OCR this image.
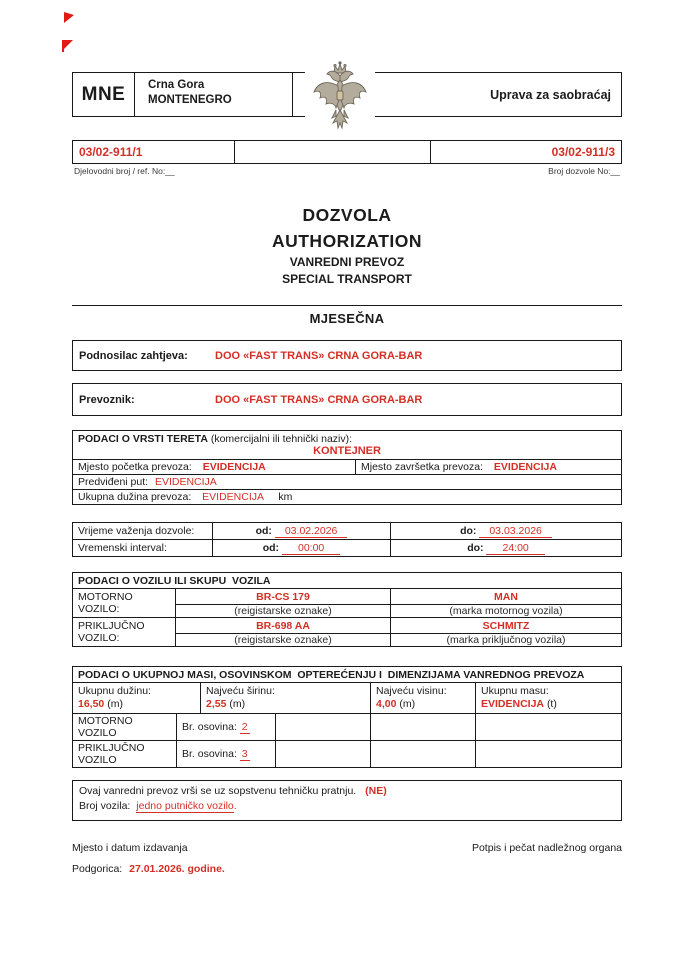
MNE	Crna Gora
MONTENEGRO	Uprava za saobraćaj
03/02-911/1		03/02-911/3
Djelovodni broj / ref. No:__	Broj dozvole No:__
DOZVOLA
AUTHORIZATION
VANREDNI PREVOZ
SPECIAL TRANSPORT
MJESEČNA
Podnosilac zahtjeva:	DOO «FAST TRANS» CRNA GORA-BAR
Prevoznik:	DOO «FAST TRANS» CRNA GORA-BAR
PODACI O VRSTI TERETA (komercijalni ili tehnički naziv):
KONTEJNER

Mjesto početka prevoza: EVIDENCIJA	Mjesto završetka prevoza: EVIDENCIJA
Predviđeni put: EVIDENCIJA
Ukupna dužina prevoza: EVIDENCIJA km
Vrijeme važenja dozvole:	od: 03.02.2026	do: 03.03.2026
Vremenski interval:	od: 00:00	do: 24:00
PODACI O VOZILU ILI SKUPU  VOZILA		
MOTORNO VOZILO:	BR-CS 179	MAN
	(reigistarske oznake)	(marka motornog vozila)
PRIKLJUČNO VOZILO:	BR-698 AA	SCHMITZ
	(reigistarske oznake)	(marka priključnog vozila)
PODACI O UKUPNOJ MASI, OSOVINSKOM  OPTEREĆENJU I  DIMENZIJAMA VANREDNOG PREVOZA					

Ukupnu dužinu:
16,50 (m)

Najveću širinu:
2,55 (m)

Najveću visinu:
4,00 (m)

Ukupnu masu:
EVIDENCIJA (t)

MOTORNO VOZILO	Br. osovina: 2				
PRIKLJUČNO VOZILO	Br. osovina: 3				
Ovaj vanredni prevoz vrši se uz sopstvenu tehničku pratnju. (NE)
Broj vozila: jedno putničko vozilo.
Mjesto i datum izdavanja	Potpis i pečat nadležnog organa
Podgorica: 27.01.2026. godine.
